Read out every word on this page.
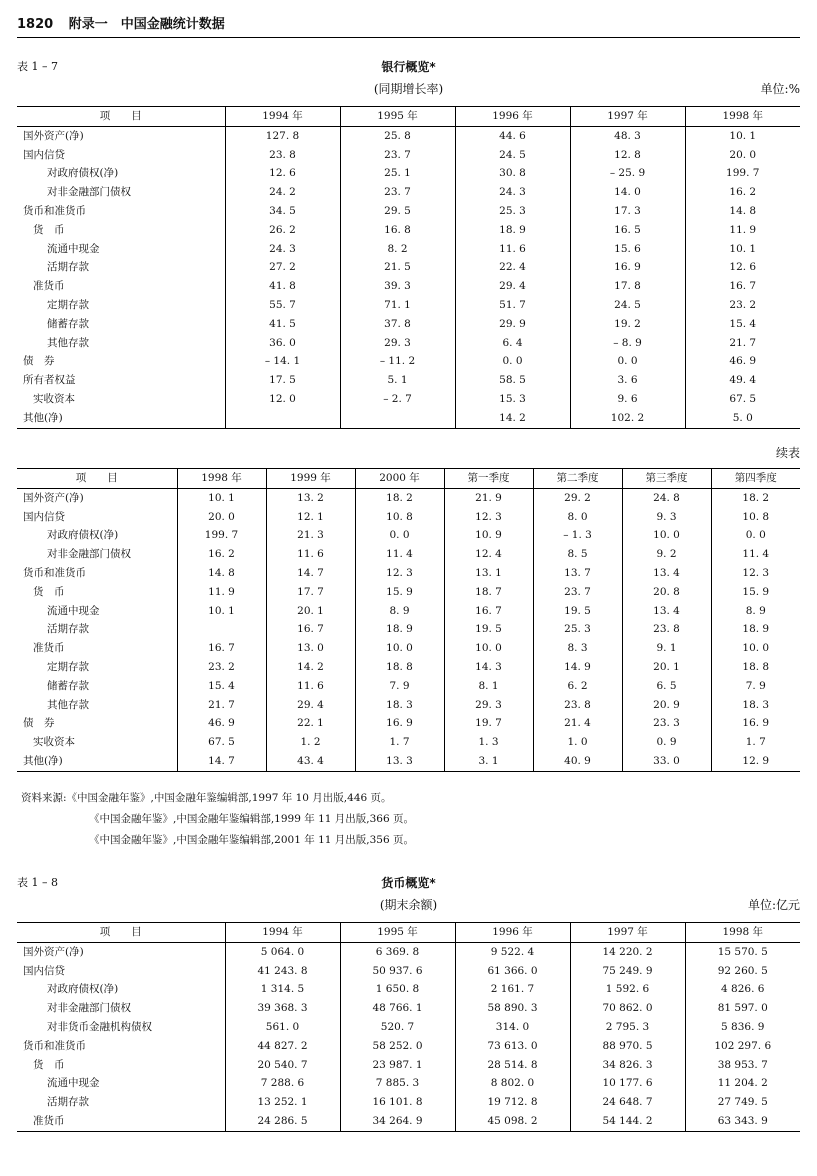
1820 附录一　中国金融统计数据
表 1 – 7	银行概览*
(同期增长率)	单位:%
项　　目	1994 年	1995 年	1996 年	1997 年	1998 年
国外资产(净)	127. 8	25. 8	44. 6	48. 3	10. 1
国内信贷	23. 8	23. 7	24. 5	12. 8	20. 0
对政府债权(净)	12. 6	25. 1	30. 8	– 25. 9	199. 7
对非金融部门债权	24. 2	23. 7	24. 3	14. 0	16. 2
货币和准货币	34. 5	29. 5	25. 3	17. 3	14. 8
货　币	26. 2	16. 8	18. 9	16. 5	11. 9
流通中现金	24. 3	8. 2	11. 6	15. 6	10. 1
活期存款	27. 2	21. 5	22. 4	16. 9	12. 6
准货币	41. 8	39. 3	29. 4	17. 8	16. 7
定期存款	55. 7	71. 1	51. 7	24. 5	23. 2
储蓄存款	41. 5	37. 8	29. 9	19. 2	15. 4
其他存款	36. 0	29. 3	6. 4	– 8. 9	21. 7
债　券	– 14. 1	– 11. 2	0. 0	0. 0	46. 9
所有者权益	17. 5	5. 1	58. 5	3. 6	49. 4
实收资本	12. 0	– 2. 7	15. 3	9. 6	67. 5
其他(净)			14. 2	102. 2	5. 0
续表
项　　目	1998 年	1999 年	2000 年	第一季度	第二季度	第三季度	第四季度
国外资产(净)	10. 1	13. 2	18. 2	21. 9	29. 2	24. 8	18. 2
国内信贷	20. 0	12. 1	10. 8	12. 3	8. 0	9. 3	10. 8
对政府债权(净)	199. 7	21. 3	0. 0	10. 9	– 1. 3	10. 0	0. 0
对非金融部门债权	16. 2	11. 6	11. 4	12. 4	8. 5	9. 2	11. 4
货币和准货币	14. 8	14. 7	12. 3	13. 1	13. 7	13. 4	12. 3
货　币	11. 9	17. 7	15. 9	18. 7	23. 7	20. 8	15. 9
流通中现金	10. 1	20. 1	8. 9	16. 7	19. 5	13. 4	8. 9
活期存款		16. 7	18. 9	19. 5	25. 3	23. 8	18. 9
准货币	16. 7	13. 0	10. 0	10. 0	8. 3	9. 1	10. 0
定期存款	23. 2	14. 2	18. 8	14. 3	14. 9	20. 1	18. 8
储蓄存款	15. 4	11. 6	7. 9	8. 1	6. 2	6. 5	7. 9
其他存款	21. 7	29. 4	18. 3	29. 3	23. 8	20. 9	18. 3
债　券	46. 9	22. 1	16. 9	19. 7	21. 4	23. 3	16. 9
实收资本	67. 5	1. 2	1. 7	1. 3	1. 0	0. 9	1. 7
其他(净)	14. 7	43. 4	13. 3	3. 1	40. 9	33. 0	12. 9
资料来源:《中国金融年鉴》,中国金融年鉴编辑部,1997 年 10 月出版,446 页。
《中国金融年鉴》,中国金融年鉴编辑部,1999 年 11 月出版,366 页。
《中国金融年鉴》,中国金融年鉴编辑部,2001 年 11 月出版,356 页。
表 1 – 8	货币概览*
(期末余额)	单位:亿元
项　　目	1994 年	1995 年	1996 年	1997 年	1998 年
国外资产(净)	5 064. 0	6 369. 8	9 522. 4	14 220. 2	15 570. 5
国内信贷	41 243. 8	50 937. 6	61 366. 0	75 249. 9	92 260. 5
对政府债权(净)	1 314. 5	1 650. 8	2 161. 7	1 592. 6	4 826. 6
对非金融部门债权	39 368. 3	48 766. 1	58 890. 3	70 862. 0	81 597. 0
对非货币金融机构债权	561. 0	520. 7	314. 0	2 795. 3	5 836. 9
货币和准货币	44 827. 2	58 252. 0	73 613. 0	88 970. 5	102 297. 6
货　币	20 540. 7	23 987. 1	28 514. 8	34 826. 3	38 953. 7
流通中现金	7 288. 6	7 885. 3	8 802. 0	10 177. 6	11 204. 2
活期存款	13 252. 1	16 101. 8	19 712. 8	24 648. 7	27 749. 5
准货币	24 286. 5	34 264. 9	45 098. 2	54 144. 2	63 343. 9
